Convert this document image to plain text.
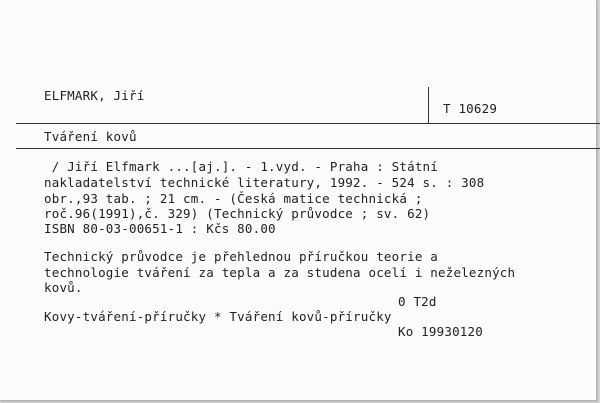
ELFMARK, Jiří
T 10629
Tváření kovů
/ Jiří Elfmark ...[aj.]. - 1.vyd. - Praha : Státní
nakladatelství technické literatury, 1992. - 524 s. : 308
obr.,93 tab. ; 21 cm. - (Česká matice technická ;
roč.96(1991),č. 329) (Technický průvodce ; sv. 62)
ISBN 80-03-00651-1 : Kčs 80.00
Technický průvodce je přehlednou příručkou teorie a
technologie tváření za tepla a za studena ocelí i neželezných
kovů.
0 T2d
Kovy-tváření-příručky * Tváření kovů-příručky
Ko 19930120
